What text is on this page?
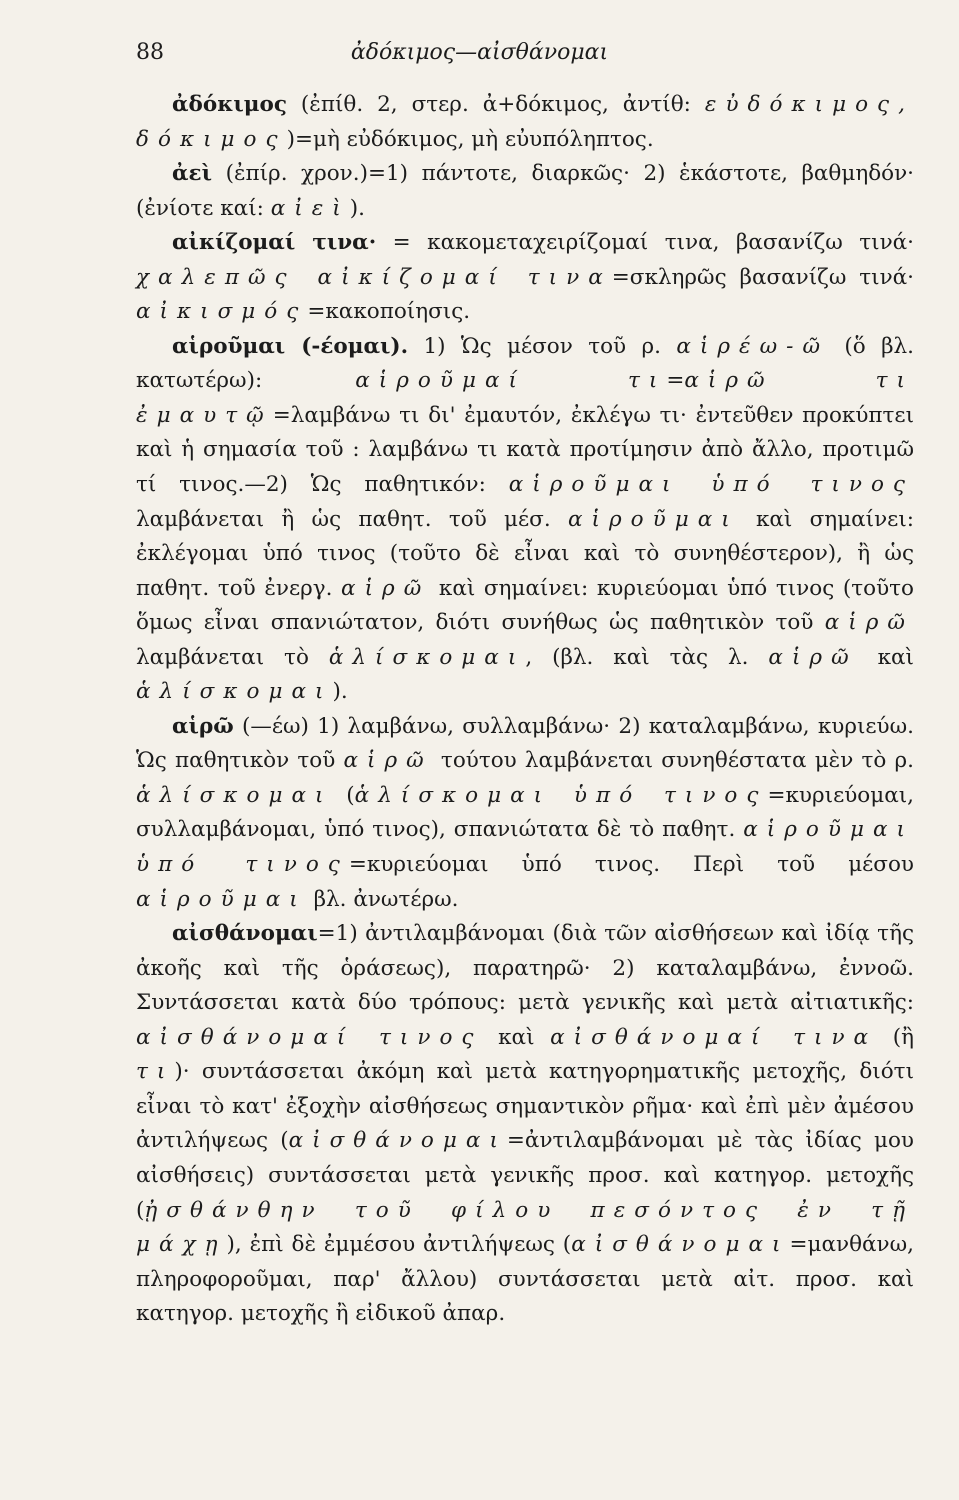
88	ἀδόκιμος—αἰσθάνομαι

ἀδόκιμος (ἐπίθ. 2, στερ. ἀ+δόκιμος, ἀντίθ: εὐδόκιμος, δόκιμος)=μὴ εὐδόκιμος, μὴ εὐυπόληπτος.

ἀεὶ (ἐπίρ. χρον.)=1) πάντοτε, διαρκῶς· 2) ἑκάστοτε, βαθμηδόν· (ἐνίοτε καί: αἰεὶ).

αἰκίζομαί τινα· = κακομεταχειρίζομαί τινα, βασανίζω τινά· χαλεπῶς αἰκίζομαί τινα=σκληρῶς βασανίζω τινά· αἰκισμός=κακοποίησις.

αἱροῦμαι (-έομαι). 1) Ὡς μέσον τοῦ ρ. αἱρέω-ῶ (ὅ βλ. κατωτέρω): αἱροῦμαί τι=αἱρῶ τι ἐμαυτῷ=λαμβάνω τι δι' ἐμαυτόν, ἐκλέγω τι· ἐντεῦθεν προκύπτει καὶ ἡ σημασία τοῦ : λαμβάνω τι κατὰ προτίμησιν ἀπὸ ἄλλο, προτιμῶ τί τινος.—2) Ὡς παθητικόν: αἱροῦμαι ὑπό τινος λαμβάνεται ἢ ὡς παθητ. τοῦ μέσ. αἱροῦμαι καὶ σημαίνει: ἐκλέγομαι ὑπό τινος (τοῦτο δὲ εἶναι καὶ τὸ συνηθέστερον), ἢ ὡς παθητ. τοῦ ἐνεργ. αἱρῶ καὶ σημαίνει: κυριεύομαι ὑπό τινος (τοῦτο ὅμως εἶναι σπανιώτατον, διότι συνήθως ὡς παθητικὸν τοῦ αἱρῶ λαμβάνεται τὸ ἁλίσκομαι, (βλ. καὶ τὰς λ. αἱρῶ καὶ ἁλίσκομαι).

αἱρῶ (—έω) 1) λαμβάνω, συλλαμβάνω· 2) καταλαμβάνω, κυριεύω. Ὡς παθητικὸν τοῦ αἱρῶ τούτου λαμβάνεται συνηθέστατα μὲν τὸ ρ. ἁλίσκομαι (ἁλίσκομαι ὑπό τινος=κυριεύομαι, συλλαμβάνομαι, ὑπό τινος), σπανιώτατα δὲ τὸ παθητ. αἱροῦμαι ὑπό τινος=κυριεύομαι ὑπό τινος. Περὶ τοῦ μέσου αἱροῦμαι βλ. ἀνωτέρω.

αἰσθάνομαι=1) ἀντιλαμβάνομαι (διὰ τῶν αἰσθήσεων καὶ ἰδίᾳ τῆς ἀκοῆς καὶ τῆς ὁράσεως), παρατηρῶ· 2) καταλαμβάνω, ἐννοῶ. Συντάσσεται κατὰ δύο τρόπους: μετὰ γενικῆς καὶ μετὰ αἰτιατικῆς: αἰσθάνομαί τινος καὶ αἰσθάνομαί τινα (ἢ τι)· συντάσσεται ἀκόμη καὶ μετὰ κατηγορηματικῆς μετοχῆς, διότι εἶναι τὸ κατ' ἐξοχὴν αἰσθήσεως σημαντικὸν ρῆμα· καὶ ἐπὶ μὲν ἀμέσου ἀντιλήψεως (αἰσθάνομαι=ἀντιλαμβάνομαι μὲ τὰς ἰδίας μου αἰσθήσεις) συντάσσεται μετὰ γενικῆς προσ. καὶ κατηγορ. μετοχῆς (ᾐσθάνθην τοῦ φίλου πεσόντος ἐν τῇ μάχῃ), ἐπὶ δὲ ἐμμέσου ἀντιλήψεως (αἰσθάνομαι=μανθάνω, πληροφοροῦμαι, παρ' ἄλλου) συντάσσεται μετὰ αἰτ. προσ. καὶ κατηγορ. μετοχῆς ἢ εἰδικοῦ ἀπαρ.
